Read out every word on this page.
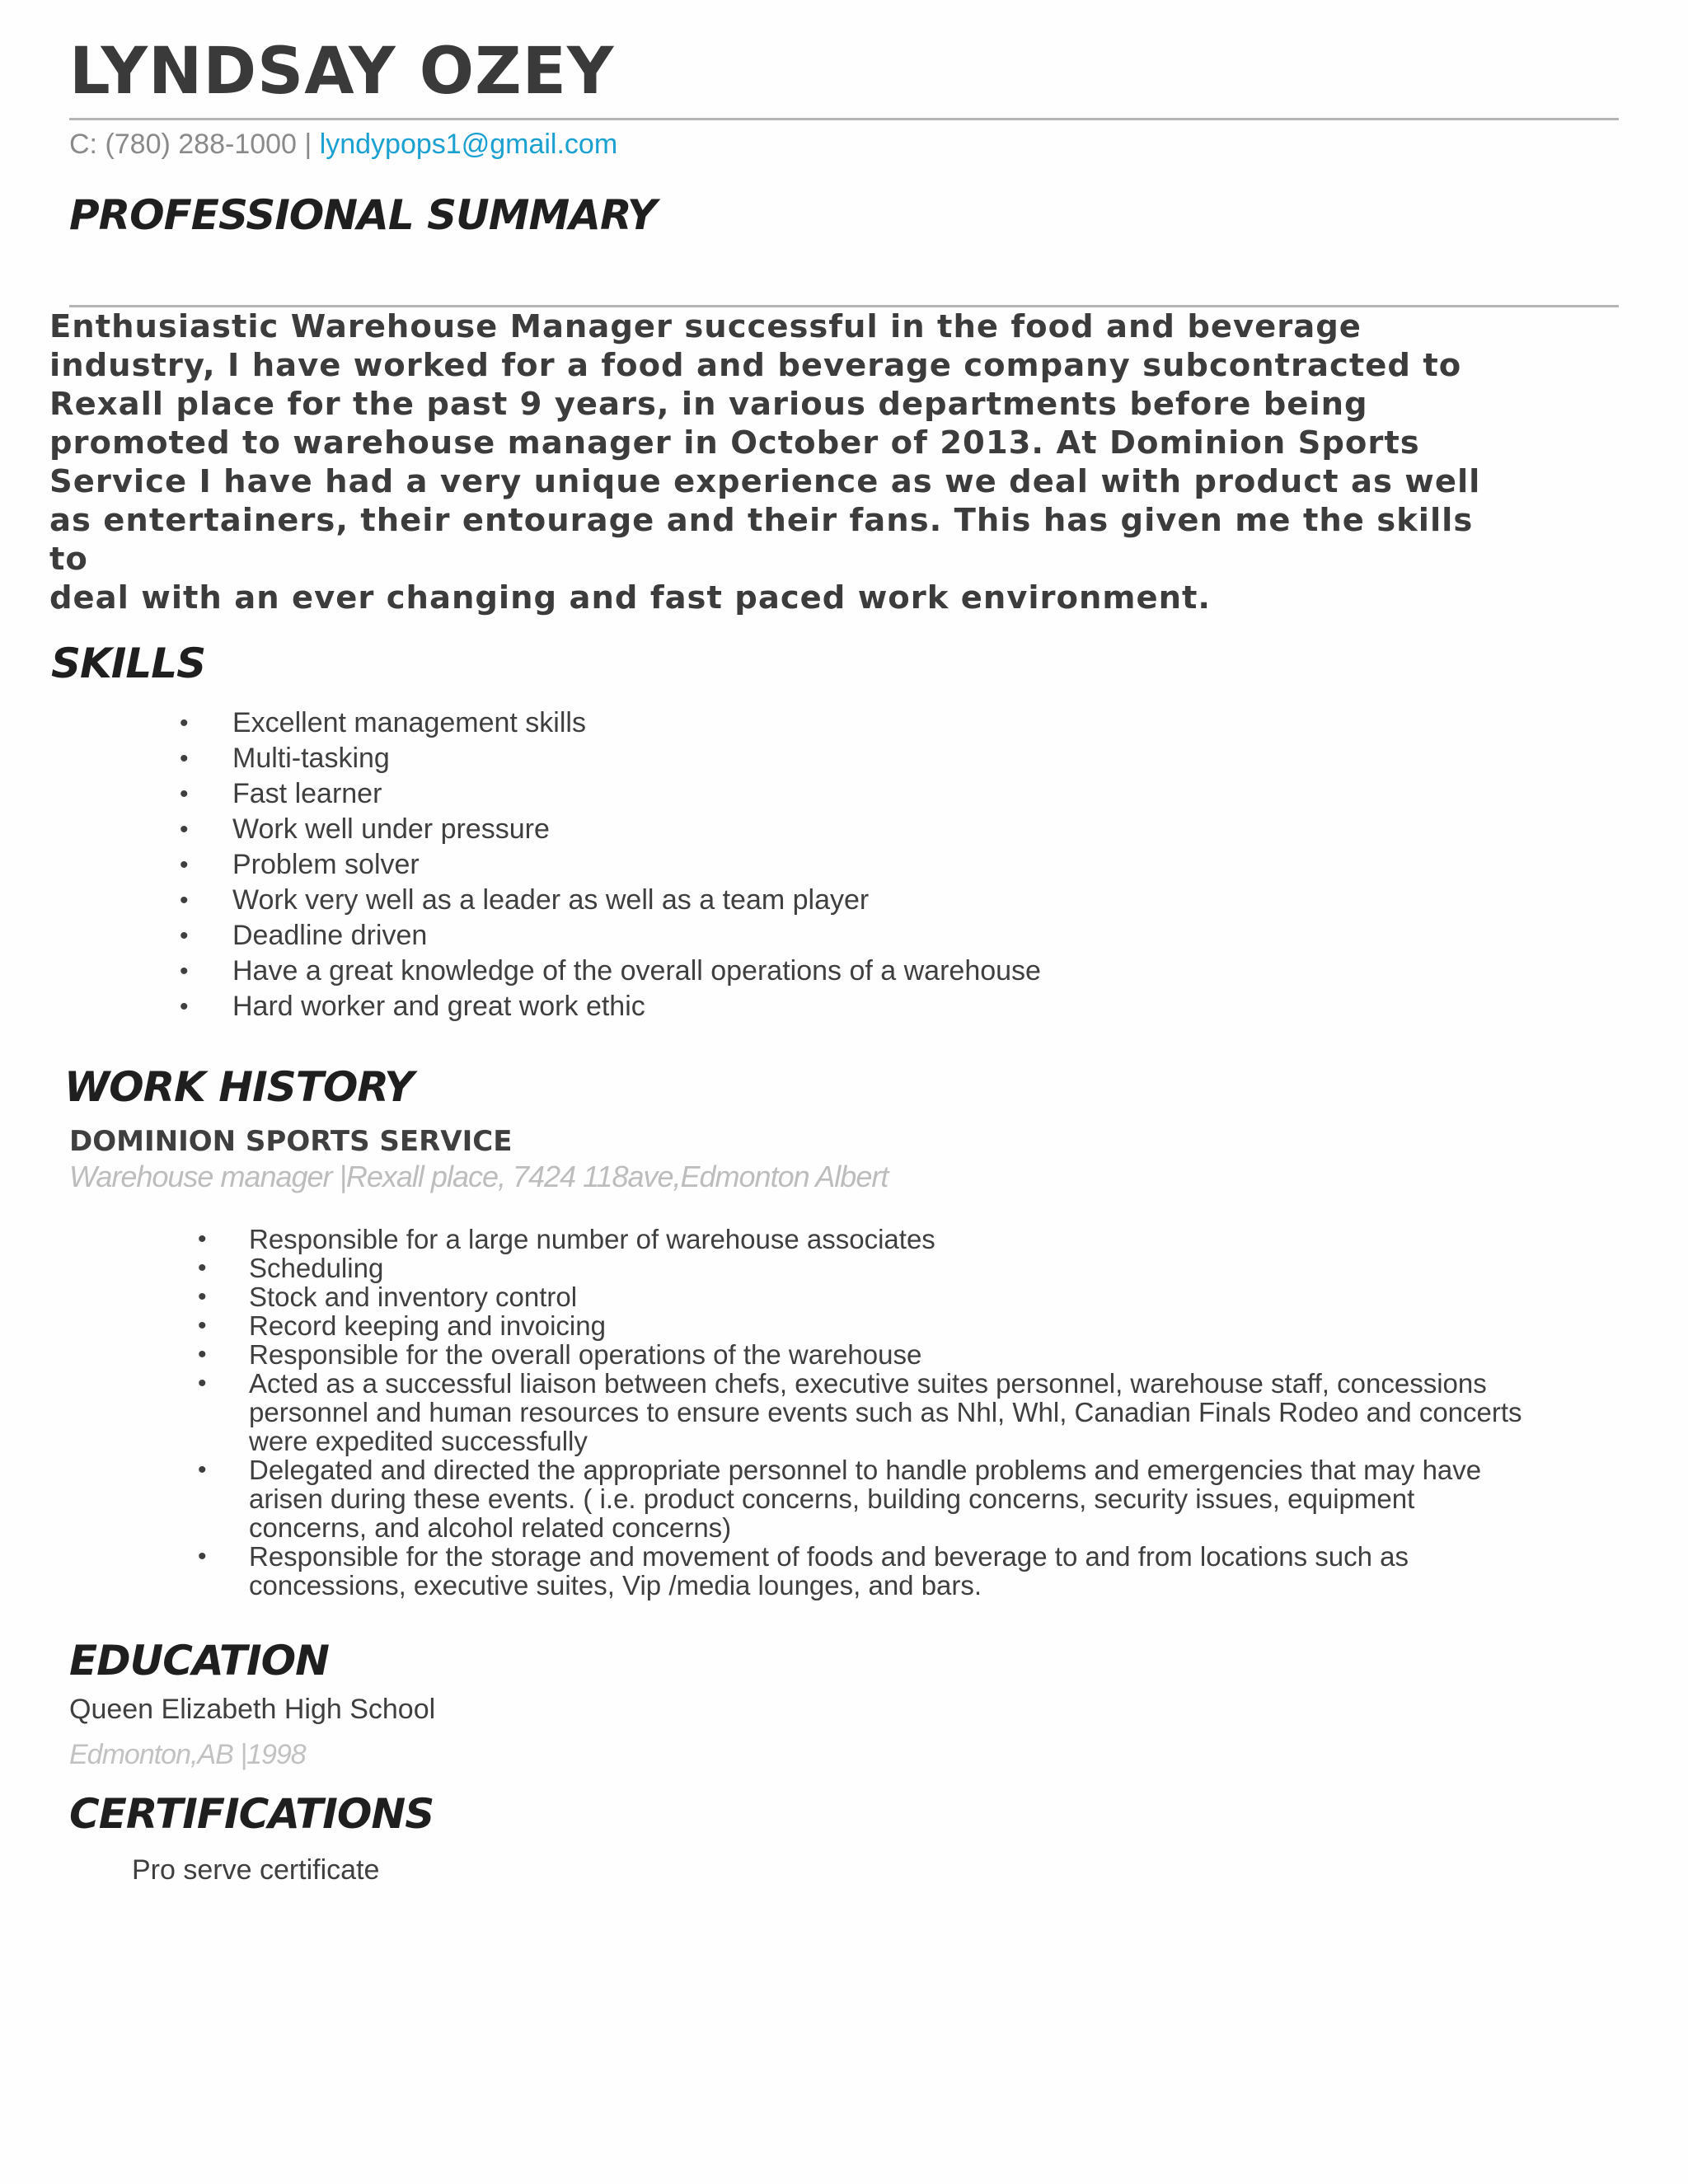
LYNDSAY OZEY
C: (780) 288-1000 | lyndypops1@gmail.com
PROFESSIONAL SUMMARY
Enthusiastic Warehouse Manager successful in the food and beverage
industry, I have worked for a food and beverage company subcontracted to
Rexall place for the past 9 years, in various departments before being
promoted to warehouse manager in October of 2013. At Dominion Sports
Service I have had a very unique experience as we deal with product as well
as entertainers, their entourage and their fans. This has given me the skills to
deal with an ever changing and fast paced work environment.
SKILLS
• Excellent management skills
• Multi-tasking
• Fast learner
• Work well under pressure
• Problem solver
• Work very well as a leader as well as a team player
• Deadline driven
• Have a great knowledge of the overall operations of a warehouse
• Hard worker and great work ethic
WORK HISTORY
DOMINION SPORTS SERVICE
Warehouse manager |Rexall place, 7424 118ave,Edmonton Albert
• Responsible for a large number of warehouse associates
• Scheduling
• Stock and inventory control
• Record keeping and invoicing
• Responsible for the overall operations of the warehouse
• Acted as a successful liaison between chefs, executive suites personnel, warehouse staff, concessions personnel and human resources to ensure events such as Nhl, Whl, Canadian Finals Rodeo and concerts were expedited successfully
• Delegated and directed the appropriate personnel to handle problems and emergencies that may have arisen during these events. ( i.e. product concerns, building concerns, security issues, equipment concerns, and alcohol related concerns)
• Responsible for the storage and movement of foods and beverage to and from locations such as concessions, executive suites, Vip /media lounges, and bars.
EDUCATION
Queen Elizabeth High School
Edmonton,AB |1998
CERTIFICATIONS
Pro serve certificate
